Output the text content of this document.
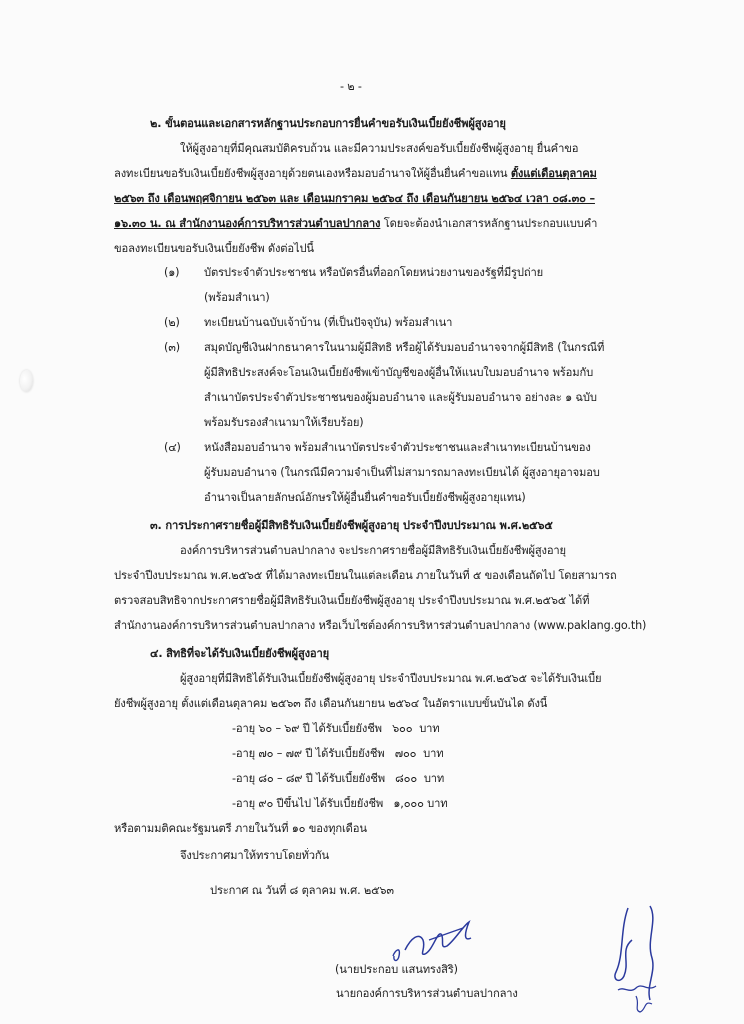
- ๒ -
๒. ขั้นตอนและเอกสารหลักฐานประกอบการยื่นคำขอรับเงินเบี้ยยังชีพผู้สูงอายุ
ให้ผู้สูงอายุที่มีคุณสมบัติครบถ้วน และมีความประสงค์ขอรับเบี้ยยังชีพผู้สูงอายุ ยื่นคำขอ
ลงทะเบียนขอรับเงินเบี้ยยังชีพผู้สูงอายุด้วยตนเองหรือมอบอำนาจให้ผู้อื่นยื่นคำขอแทน ตั้งแต่เดือนตุลาคม
๒๕๖๓ ถึง เดือนพฤศจิกายน ๒๕๖๓ และ เดือนมกราคม ๒๕๖๔ ถึง เดือนกันยายน ๒๕๖๔ เวลา ๐๘.๓๐ –
๑๖.๓๐ น. ณ สำนักงานองค์การบริหารส่วนตำบลปากลาง โดยจะต้องนำเอกสารหลักฐานประกอบแบบคำ
ขอลงทะเบียนขอรับเงินเบี้ยยังชีพ ดังต่อไปนี้
(๑)	บัตรประจำตัวประชาชน หรือบัตรอื่นที่ออกโดยหน่วยงานของรัฐที่มีรูปถ่าย
(พร้อมสำเนา)
(๒)	ทะเบียนบ้านฉบับเจ้าบ้าน (ที่เป็นปัจจุบัน) พร้อมสำเนา
(๓)	สมุดบัญชีเงินฝากธนาคารในนามผู้มีสิทธิ หรือผู้ได้รับมอบอำนาจจากผู้มีสิทธิ (ในกรณีที่
ผู้มีสิทธิประสงค์จะโอนเงินเบี้ยยังชีพเข้าบัญชีของผู้อื่นให้แนบใบมอบอำนาจ พร้อมกับ
สำเนาบัตรประจำตัวประชาชนของผู้มอบอำนาจ และผู้รับมอบอำนาจ อย่างละ ๑ ฉบับ
พร้อมรับรองสำเนามาให้เรียบร้อย)
(๔)	หนังสือมอบอำนาจ พร้อมสำเนาบัตรประจำตัวประชาชนและสำเนาทะเบียนบ้านของ
ผู้รับมอบอำนาจ (ในกรณีมีความจำเป็นที่ไม่สามารถมาลงทะเบียนได้ ผู้สูงอายุอาจมอบ
อำนาจเป็นลายลักษณ์อักษรให้ผู้อื่นยื่นคำขอรับเบี้ยยังชีพผู้สูงอายุแทน)
๓. การประกาศรายชื่อผู้มีสิทธิรับเงินเบี้ยยังชีพผู้สูงอายุ ประจำปีงบประมาณ พ.ศ.๒๕๖๕
องค์การบริหารส่วนตำบลปากลาง จะประกาศรายชื่อผู้มีสิทธิรับเงินเบี้ยยังชีพผู้สูงอายุ
ประจำปีงบประมาณ พ.ศ.๒๕๖๕ ที่ได้มาลงทะเบียนในแต่ละเดือน ภายในวันที่ ๕ ของเดือนถัดไป โดยสามารถ
ตรวจสอบสิทธิจากประกาศรายชื่อผู้มีสิทธิรับเงินเบี้ยยังชีพผู้สูงอายุ ประจำปีงบประมาณ พ.ศ.๒๕๖๕ ได้ที่
สำนักงานองค์การบริหารส่วนตำบลปากลาง หรือเว็บไซต์องค์การบริหารส่วนตำบลปากลาง (www.paklang.go.th)
๔. สิทธิที่จะได้รับเงินเบี้ยยังชีพผู้สูงอายุ
ผู้สูงอายุที่มีสิทธิได้รับเงินเบี้ยยังชีพผู้สูงอายุ ประจำปีงบประมาณ พ.ศ.๒๕๖๕ จะได้รับเงินเบี้ย
ยังชีพผู้สูงอายุ ตั้งแต่เดือนตุลาคม ๒๕๖๓ ถึง เดือนกันยายน ๒๕๖๔ ในอัตราแบบขั้นบันได ดังนี้
-อายุ ๖๐ – ๖๙ ปี ได้รับเบี้ยยังชีพ ๖๐๐ บาท
-อายุ ๗๐ – ๗๙ ปี ได้รับเบี้ยยังชีพ ๗๐๐ บาท
-อายุ ๘๐ – ๘๙ ปี ได้รับเบี้ยยังชีพ ๘๐๐ บาท
-อายุ ๙๐ ปีขึ้นไป ได้รับเบี้ยยังชีพ ๑,๐๐๐ บาท
หรือตามมติคณะรัฐมนตรี ภายในวันที่ ๑๐ ของทุกเดือน
จึงประกาศมาให้ทราบโดยทั่วกัน
ประกาศ ณ วันที่ ๘ ตุลาคม พ.ศ. ๒๕๖๓
(นายประกอบ แสนทรงสิริ)
นายกองค์การบริหารส่วนตำบลปากลาง
